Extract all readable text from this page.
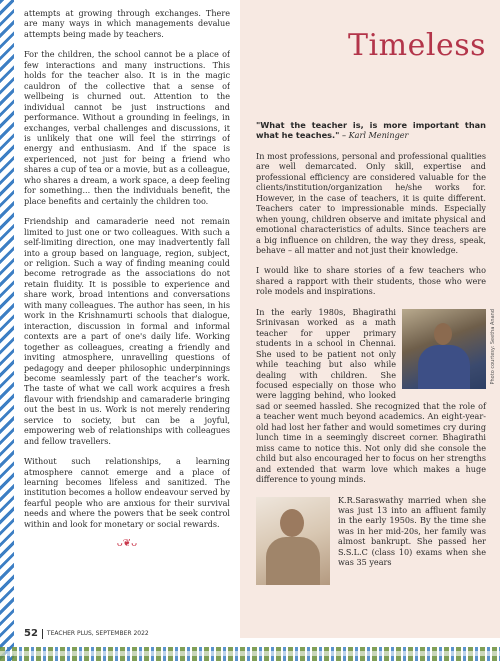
attempts at growing through exchanges. There are many ways in which managements devalue attempts being made by teachers.

For the children, the school cannot be a place of few interactions and many instructions. This holds for the teacher also. It is in the magic cauldron of the collective that a sense of wellbeing is churned out. Attention to the individual cannot be just instructions and performance. Without a grounding in feelings, in exchanges, verbal challenges and discussions, it is unlikely that one will feel the stirrings of energy and enthusiasm. And if the space is experienced, not just for being a friend who shares a cup of tea or a movie, but as a colleague, who shares a dream, a work space, a deep feeling for something... then the individuals benefit, the place benefits and certainly the children too.

Friendship and camaraderie need not remain limited to just one or two colleagues. With such a self-limiting direction, one may inadvertently fall into a group based on language, region, subject, or religion. Such a way of finding meaning could become retrograde as the associations do not retain fluidity. It is possible to experience and share work, broad intentions and conversations with many colleagues. The author has seen, in his work in the Krishnamurti schools that dialogue, interaction, discussion in formal and informal contexts are a part of one's daily life. Working together as colleagues, creating a friendly and inviting atmosphere, unravelling questions of pedagogy and deeper philosophic underpinnings become seamlessly part of the teacher's work. The taste of what we call work acquires a fresh flavour with friendship and camaraderie bringing out the best in us. Work is not merely rendering service to society, but can be a joyful, empowering web of relationships with colleagues and fellow travellers.

Without such relationships, a learning atmosphere cannot emerge and a place of learning becomes lifeless and sanitized. The institution becomes a hollow endeavour served by fearful people who are anxious for their survival needs and where the powers that be seek control within and look for monetary or social rewards.

ᴗ❦ᴗ
Timeless

"What the teacher is, is more important than what he teaches." – Karl Meninger

In most professions, personal and professional qualities are well demarcated. Only skill, expertise and professional efficiency are considered valuable for the clients/institution/organization he/she works for. However, in the case of teachers, it is quite different. Teachers cater to impressionable minds. Especially when young, children observe and imitate physical and emotional characteristics of adults. Since teachers are a big influence on children, the way they dress, speak, behave – all matter and not just their knowledge.

I would like to share stories of a few teachers who shared a rapport with their students, those who were role models and inspirations.

Photo courtesy: Seetha Anand

In the early 1980s, Bhagirathi Srinivasan worked as a math teacher for upper primary students in a school in Chennai. She used to be patient not only while teaching but also while dealing with children. She focused especially on those who were lagging behind, who looked sad or seemed hassled. She recognized that the role of a teacher went much beyond academics. An eight-year-old had lost her father and would sometimes cry during lunch time in a seemingly discreet corner. Bhagirathi miss came to notice this. Not only did she console the child but also encouraged her to focus on her strengths and extended that warm love which makes a huge difference to young minds.

K.R.Saraswathy married when she was just 13 into an affluent family in the early 1950s. By the time she was in her mid-20s, her family was almost bankrupt. She passed her S.S.L.C (class 10) exams when she was 35 years

52 TEACHER PLUS, SEPTEMBER 2022
